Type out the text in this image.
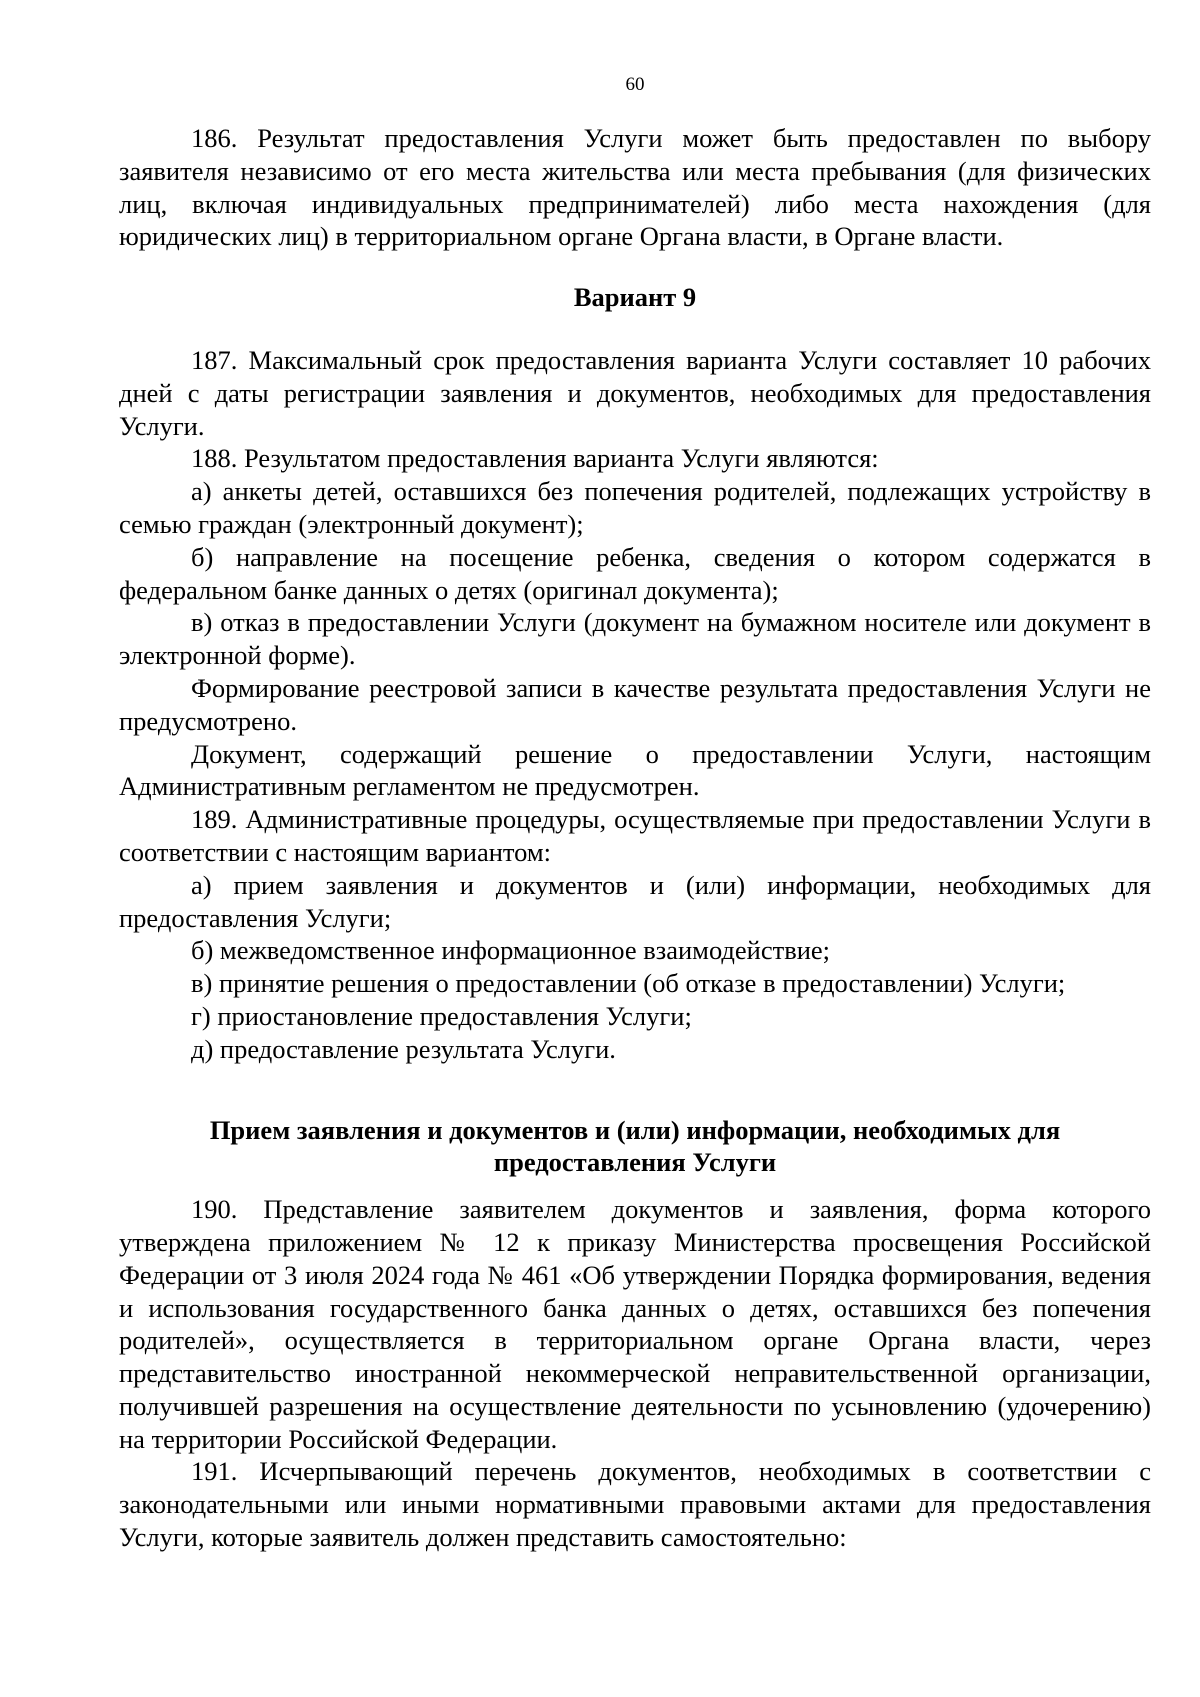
60

186. Результат предоставления Услуги может быть предоставлен по выбору заявителя независимо от его места жительства или места пребывания (для физических лиц, включая индивидуальных предпринимателей) либо места нахождения (для юридических лиц) в территориальном органе Органа власти, в Органе власти.

Вариант 9

187. Максимальный срок предоставления варианта Услуги составляет 10 рабочих дней с даты регистрации заявления и документов, необходимых для предоставления Услуги.

188. Результатом предоставления варианта Услуги являются:

а) анкеты детей, оставшихся без попечения родителей, подлежащих устройству в семью граждан (электронный документ);

б) направление на посещение ребенка, сведения о котором содержатся в федеральном банке данных о детях (оригинал документа);

в) отказ в предоставлении Услуги (документ на бумажном носителе или документ в электронной форме).

Формирование реестровой записи в качестве результата предоставления Услуги не предусмотрено.

Документ, содержащий решение о предоставлении Услуги, настоящим Административным регламентом не предусмотрен.

189. Административные процедуры, осуществляемые при предоставлении Услуги в соответствии с настоящим вариантом:

а) прием заявления и документов и (или) информации, необходимых для предоставления Услуги;

б) межведомственное информационное взаимодействие;

в) принятие решения о предоставлении (об отказе в предоставлении) Услуги;

г) приостановление предоставления Услуги;

д) предоставление результата Услуги.

Прием заявления и документов и (или) информации, необходимых для предоставления Услуги

190. Представление заявителем документов и заявления, форма которого утверждена приложением № 12 к приказу Министерства просвещения Российской Федерации от 3 июля 2024 года № 461 «Об утверждении Порядка формирования, ведения и использования государственного банка данных о детях, оставшихся без попечения родителей», осуществляется в территориальном органе Органа власти, через представительство иностранной некоммерческой неправительственной организации, получившей разрешения на осуществление деятельности по усыновлению (удочерению) на территории Российской Федерации.

191. Исчерпывающий перечень документов, необходимых в соответствии с законодательными или иными нормативными правовыми актами для предоставления Услуги, которые заявитель должен представить самостоятельно:
